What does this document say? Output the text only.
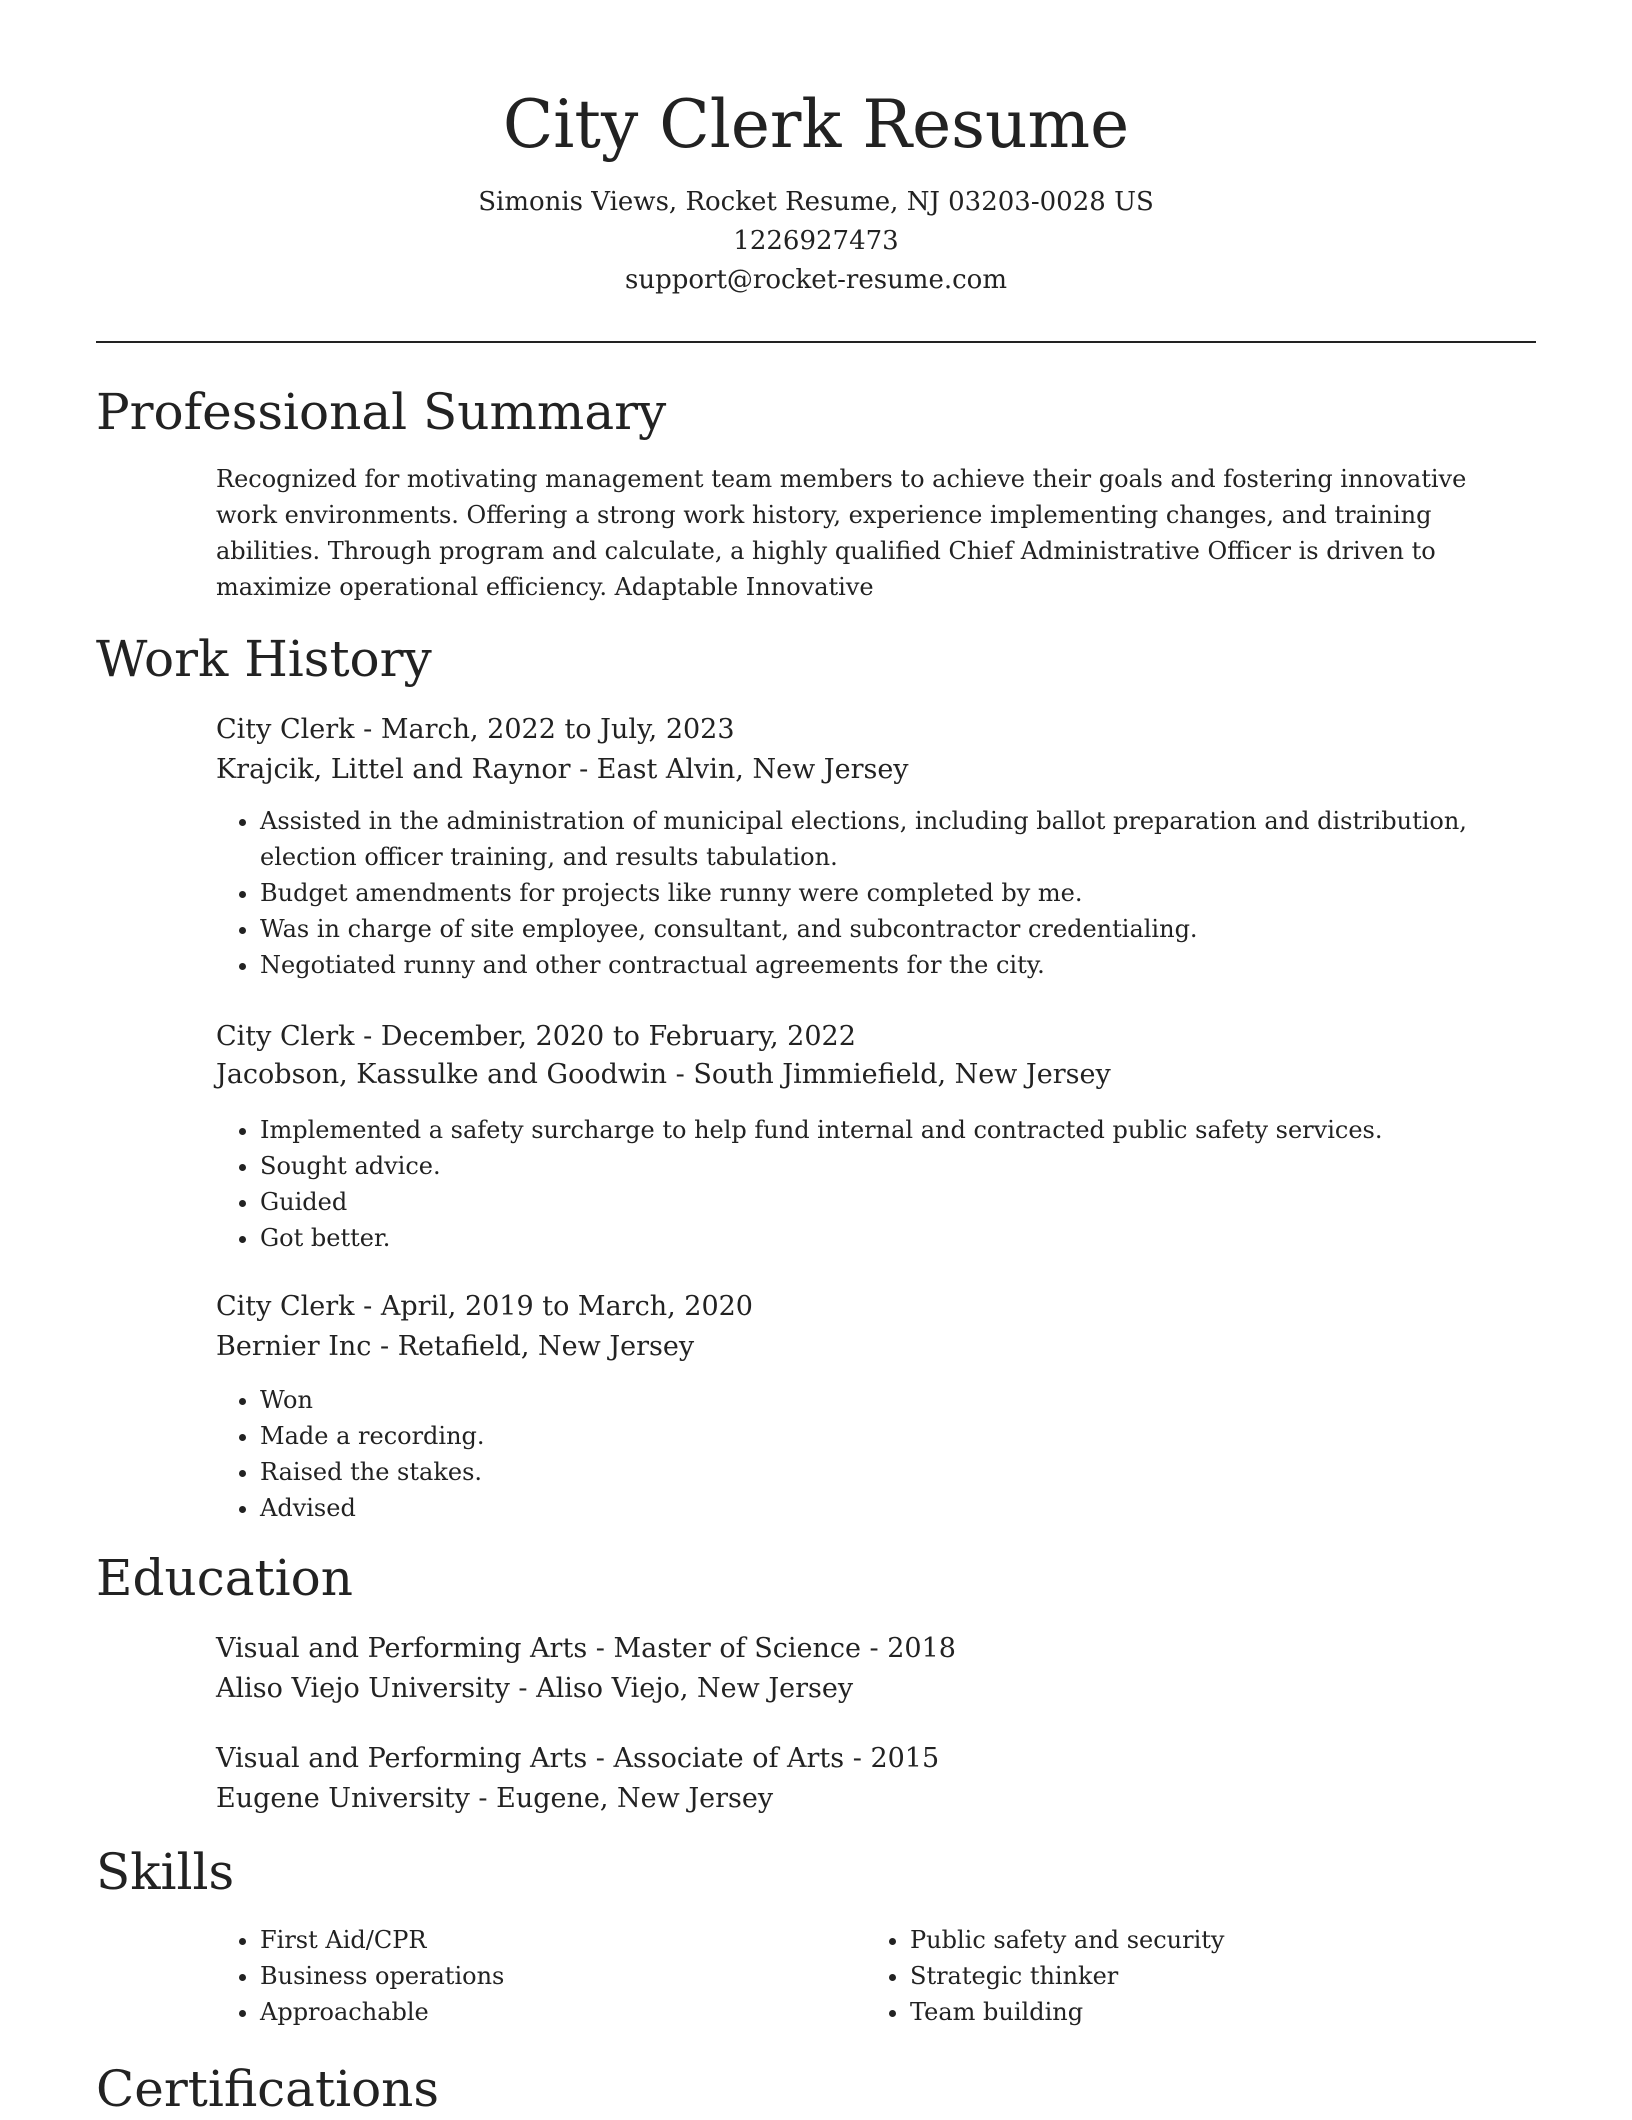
City Clerk Resume
Simonis Views, Rocket Resume, NJ 03203-0028 US
1226927473
support@rocket-resume.com
Professional Summary
Recognized for motivating management team members to achieve their goals and fostering innovative work environments. Offering a strong work history, experience implementing changes, and training abilities. Through program and calculate, a highly qualified Chief Administrative Officer is driven to maximize operational efficiency. Adaptable Innovative
Work History
City Clerk - March, 2022 to July, 2023
Krajcik, Littel and Raynor - East Alvin, New Jersey
• Assisted in the administration of municipal elections, including ballot preparation and distribution, election officer training, and results tabulation.
• Budget amendments for projects like runny were completed by me.
• Was in charge of site employee, consultant, and subcontractor credentialing.
• Negotiated runny and other contractual agreements for the city.
City Clerk - December, 2020 to February, 2022
Jacobson, Kassulke and Goodwin - South Jimmiefield, New Jersey
• Implemented a safety surcharge to help fund internal and contracted public safety services.
• Sought advice.
• Guided
• Got better.
City Clerk - April, 2019 to March, 2020
Bernier Inc - Retafield, New Jersey
• Won
• Made a recording.
• Raised the stakes.
• Advised
Education
Visual and Performing Arts - Master of Science - 2018
Aliso Viejo University - Aliso Viejo, New Jersey
Visual and Performing Arts - Associate of Arts - 2015
Eugene University - Eugene, New Jersey
Skills
• First Aid/CPR
• Business operations
• Approachable
• Public safety and security
• Strategic thinker
• Team building
Certifications
